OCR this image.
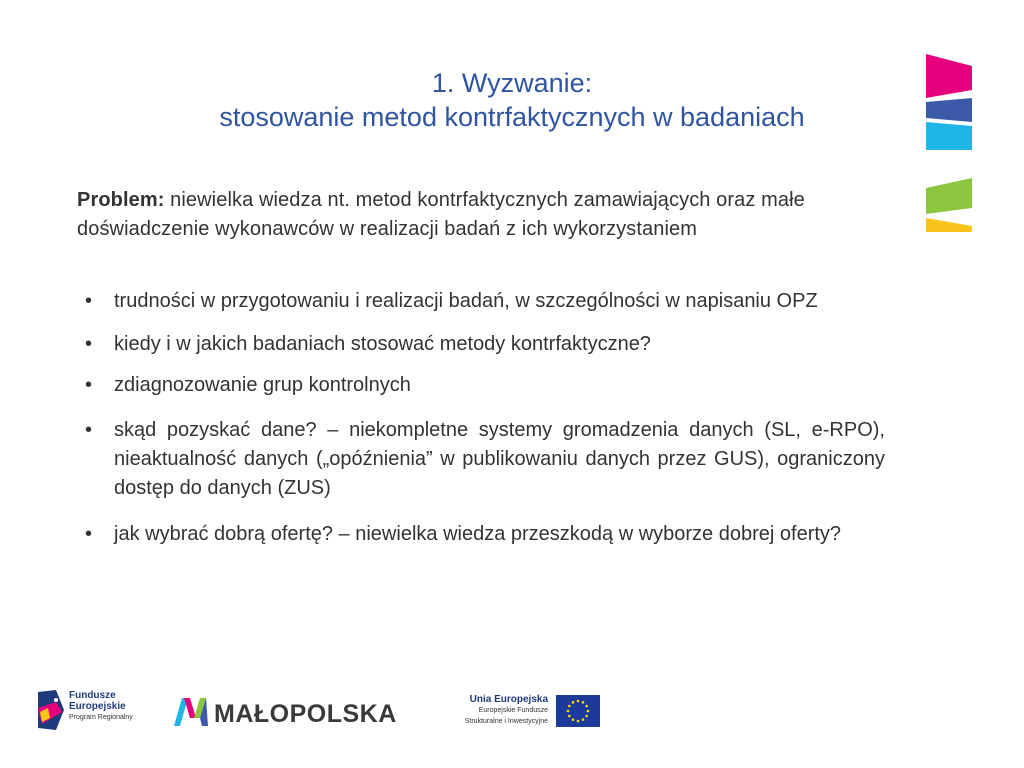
1. Wyzwanie:
stosowanie metod kontrfaktycznych w badaniach
Problem: niewielka wiedza nt. metod kontrfaktycznych zamawiających oraz małe doświadczenie wykonawców w realizacji badań z ich wykorzystaniem
• trudności w przygotowaniu i realizacji badań, w szczególności w napisaniu OPZ
• kiedy i w jakich badaniach stosować metody kontrfaktyczne?
• zdiagnozowanie grup kontrolnych
• skąd pozyskać dane? – niekompletne systemy gromadzenia danych (SL, e-RPO), nieaktualność danych („opóźnienia” w publikowaniu danych przez GUS), ograniczony dostęp do danych (ZUS)
• jak wybrać dobrą ofertę? – niewielka wiedza przeszkodą w wyborze dobrej oferty?
Fundusze
Europejskie
Program Regionalny	MAŁOPOLSKA
Unia Europejska
Europejskie Fundusze
Strukturalne i Inwestycyjne
